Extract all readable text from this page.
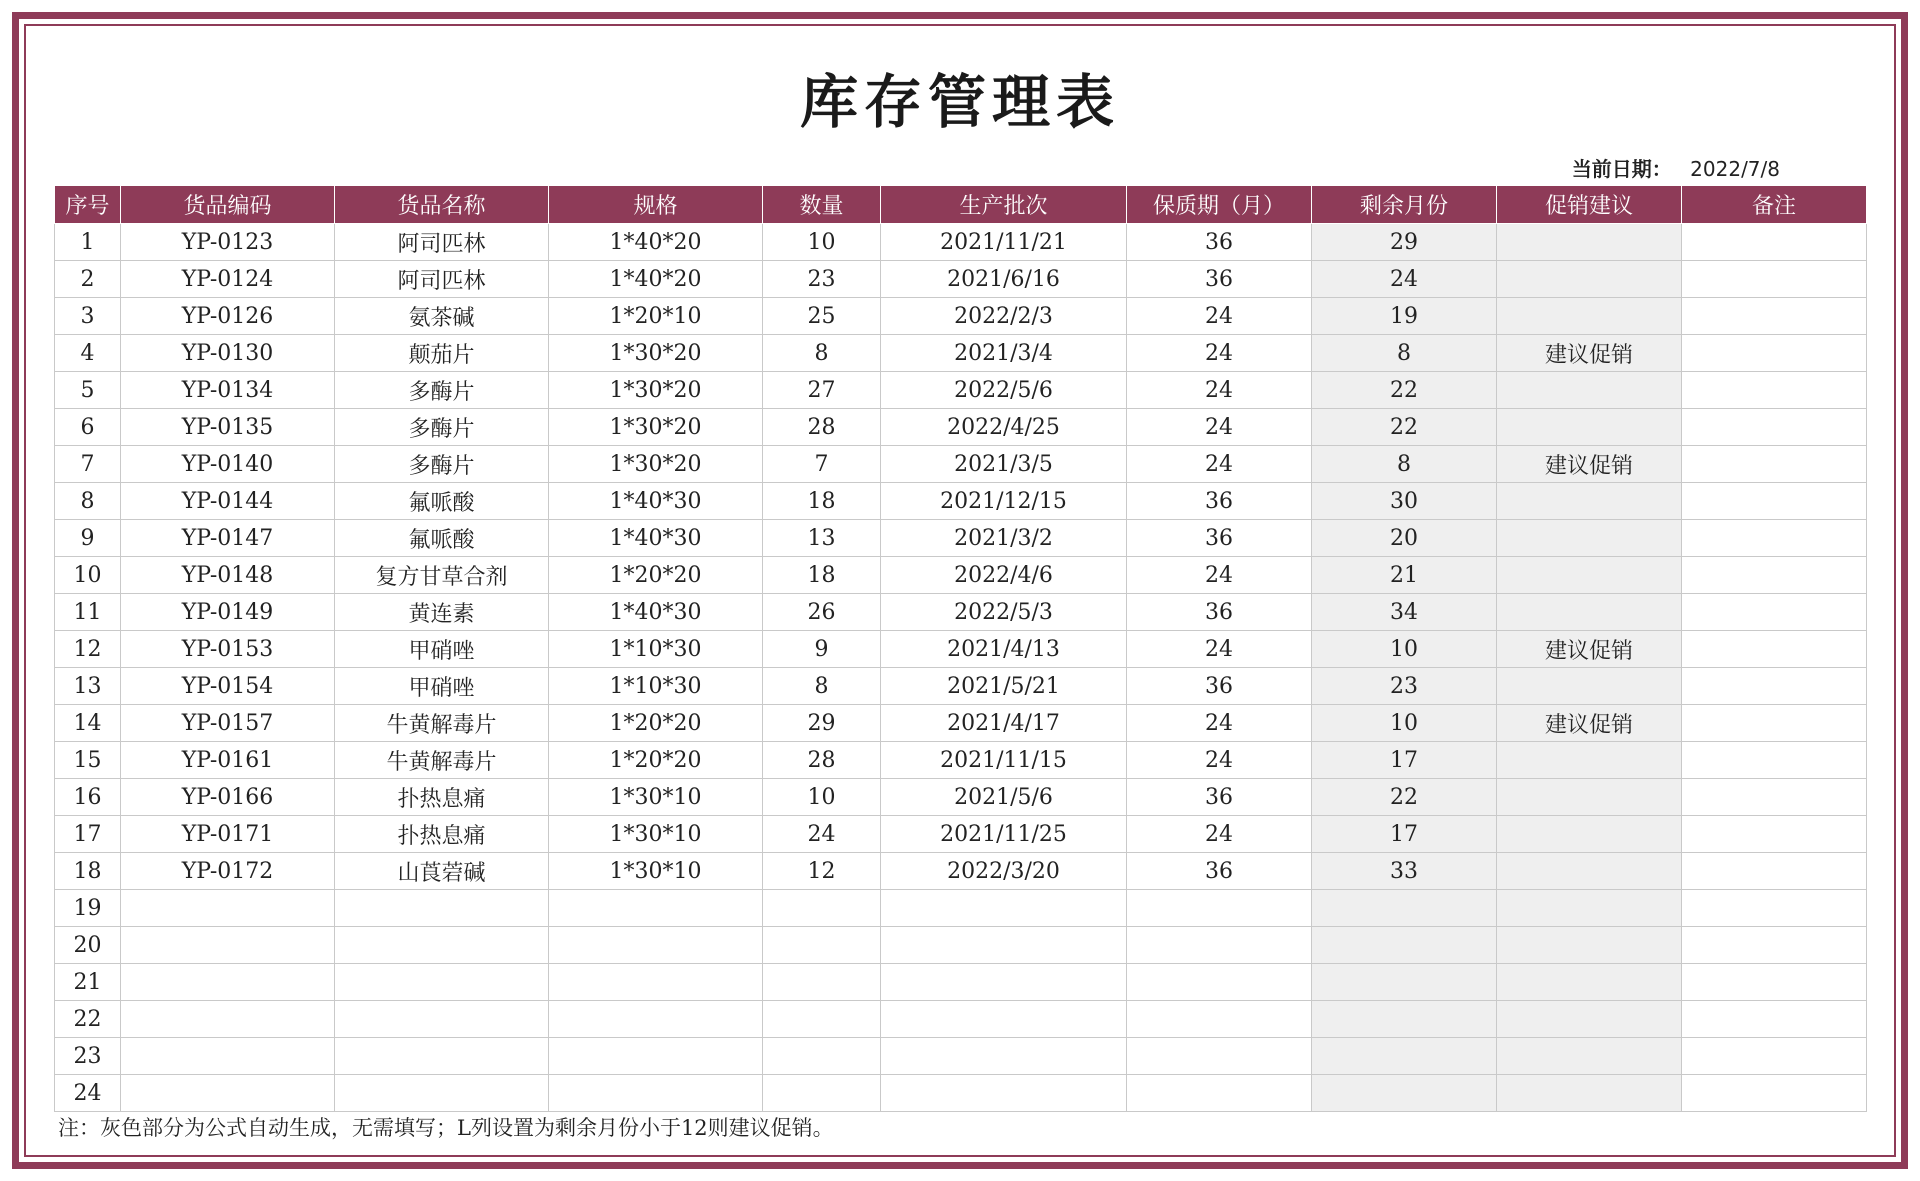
库存管理表
当前日期： 2022/7/8
序号	货品编码	货品名称	规格	数量	生产批次	保质期（月）	剩余月份	促销建议	备注
1	YP-0123	阿司匹林	1*40*20	10	2021/11/21	36	29		
2	YP-0124	阿司匹林	1*40*20	23	2021/6/16	36	24		
3	YP-0126	氨茶碱	1*20*10	25	2022/2/3	24	19		
4	YP-0130	颠茄片	1*30*20	8	2021/3/4	24	8	建议促销	
5	YP-0134	多酶片	1*30*20	27	2022/5/6	24	22		
6	YP-0135	多酶片	1*30*20	28	2022/4/25	24	22		
7	YP-0140	多酶片	1*30*20	7	2021/3/5	24	8	建议促销	
8	YP-0144	氟哌酸	1*40*30	18	2021/12/15	36	30		
9	YP-0147	氟哌酸	1*40*30	13	2021/3/2	36	20		
10	YP-0148	复方甘草合剂	1*20*20	18	2022/4/6	24	21		
11	YP-0149	黄连素	1*40*30	26	2022/5/3	36	34		
12	YP-0153	甲硝唑	1*10*30	9	2021/4/13	24	10	建议促销	
13	YP-0154	甲硝唑	1*10*30	8	2021/5/21	36	23		
14	YP-0157	牛黄解毒片	1*20*20	29	2021/4/17	24	10	建议促销	
15	YP-0161	牛黄解毒片	1*20*20	28	2021/11/15	24	17		
16	YP-0166	扑热息痛	1*30*10	10	2021/5/6	36	22		
17	YP-0171	扑热息痛	1*30*10	24	2021/11/25	24	17		
18	YP-0172	山莨菪碱	1*30*10	12	2022/3/20	36	33		
19									
20									
21									
22									
23									
24									
注：灰色部分为公式自动生成，无需填写；L列设置为剩余月份小于12则建议促销。
